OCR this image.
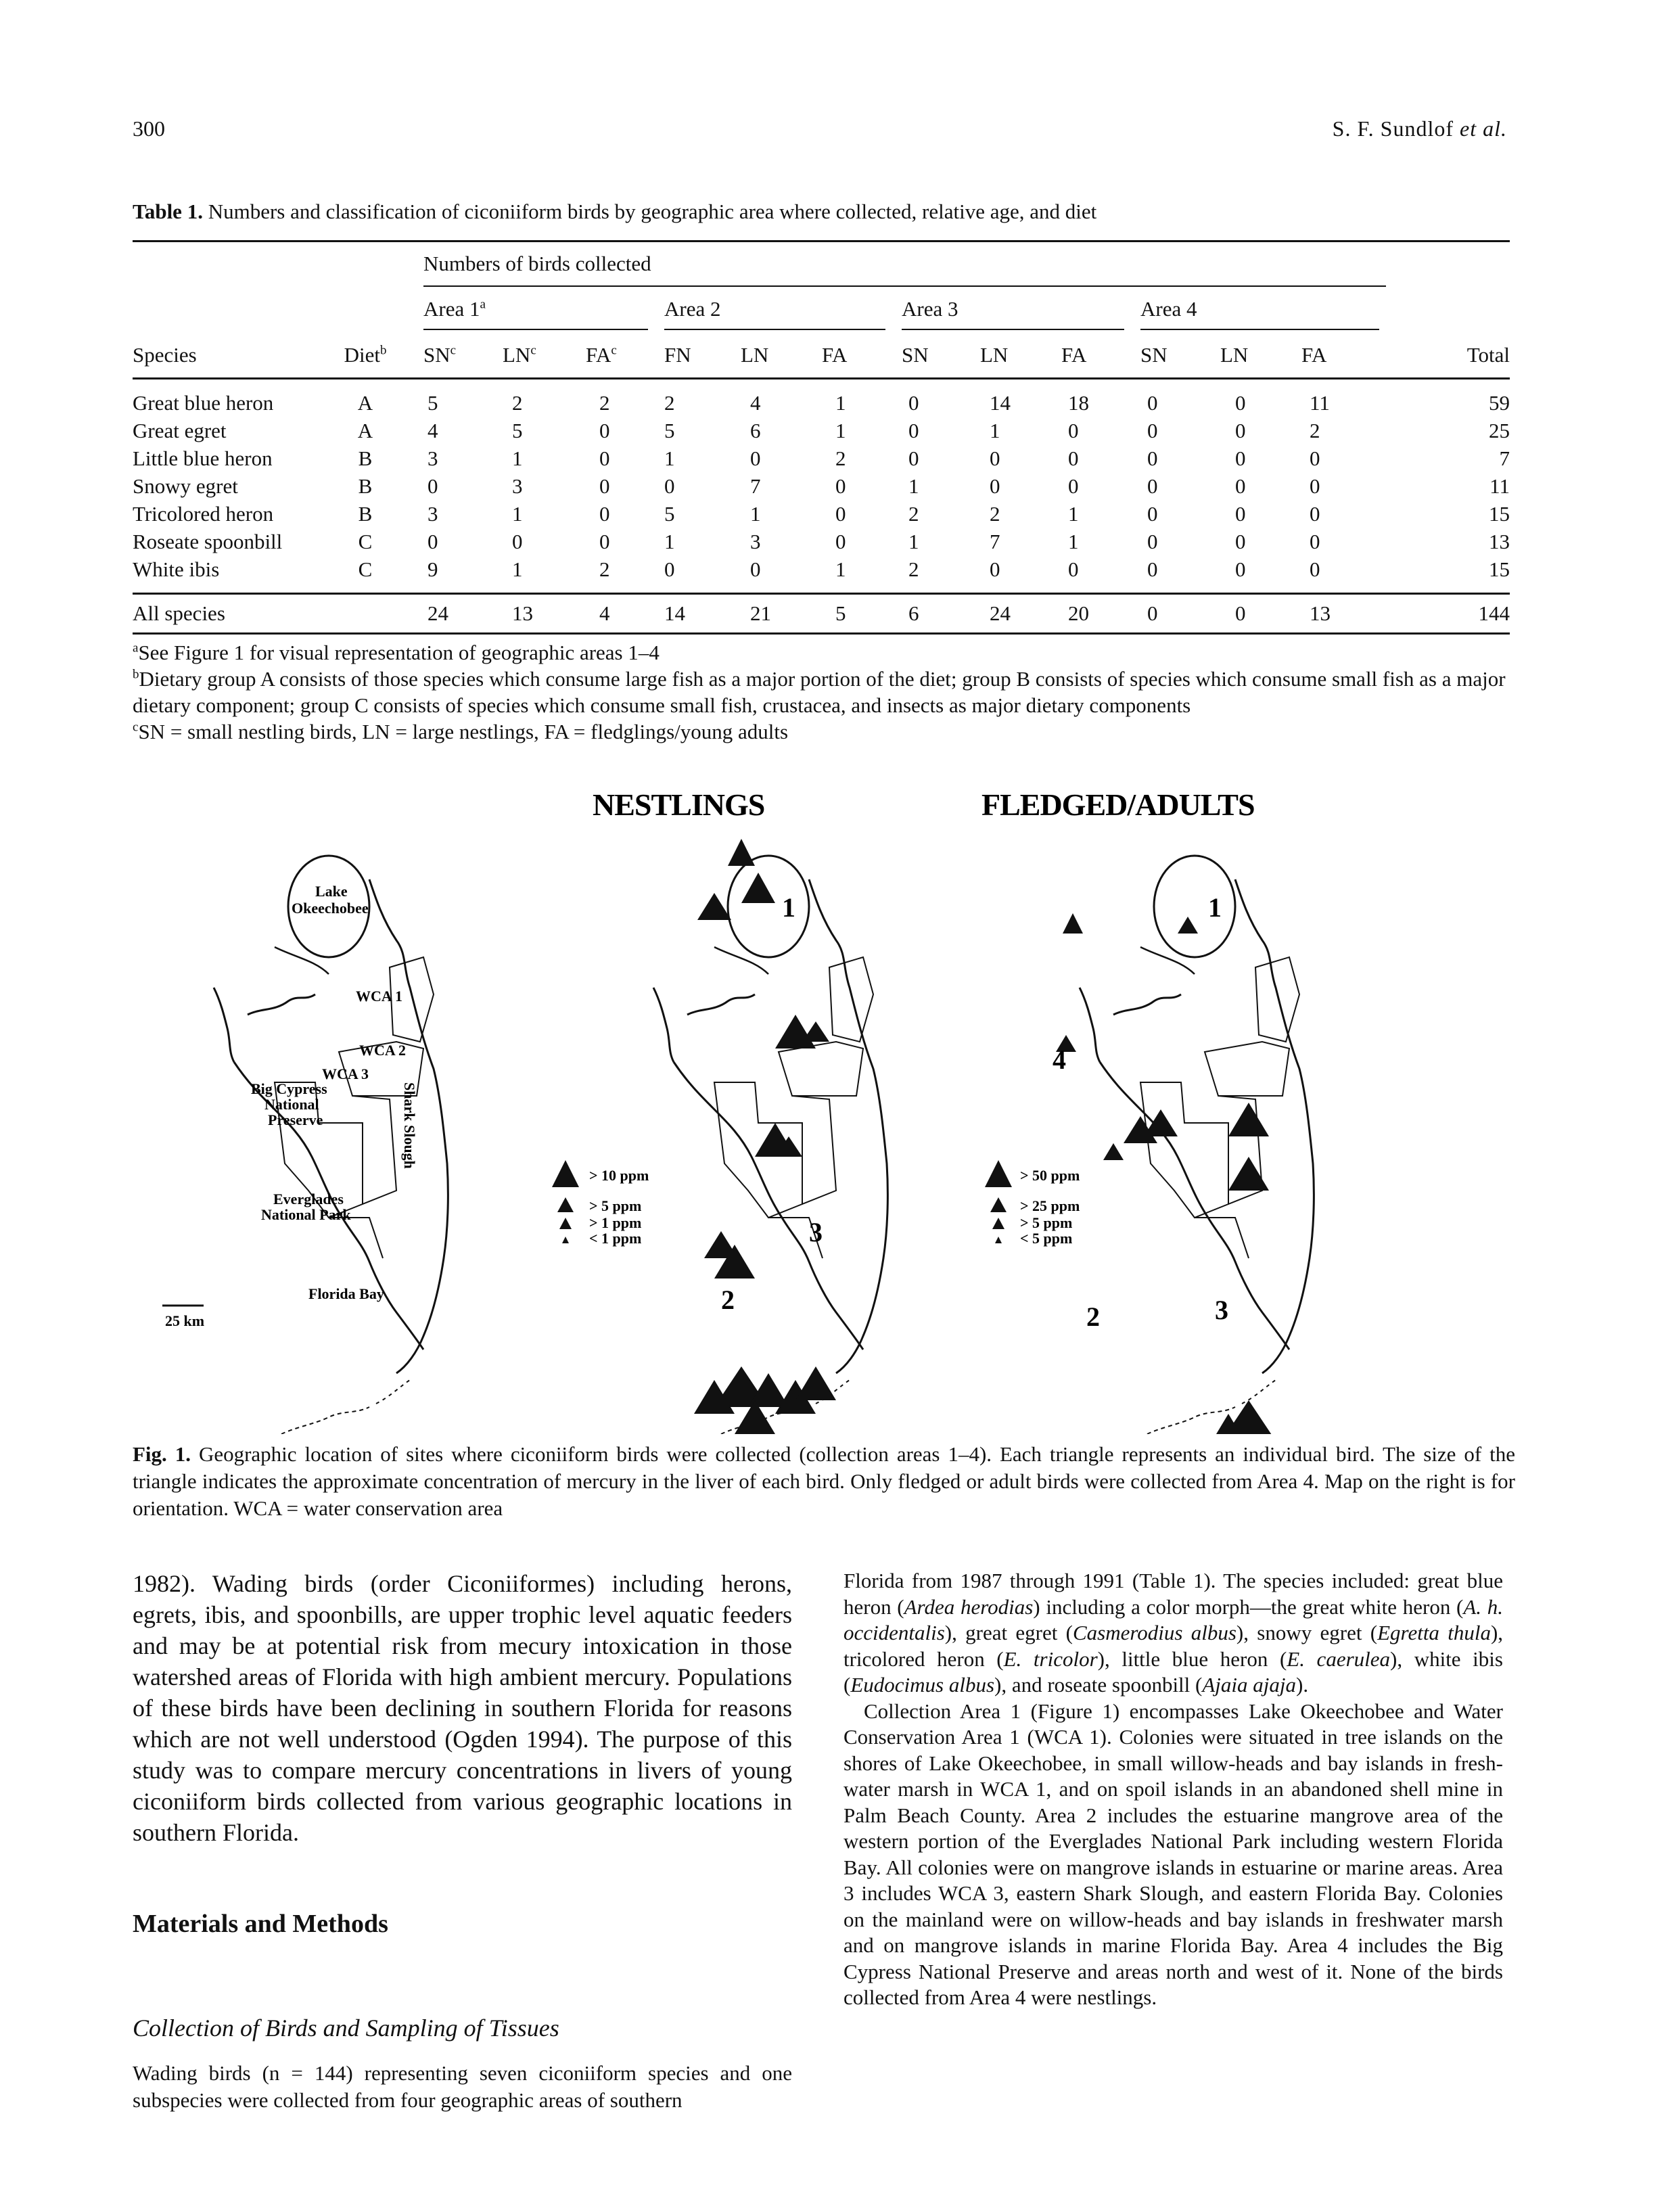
300	S. F. Sundlof et al.
Table 1. Numbers and classification of ciconiiform birds by geographic area where collected, relative age, and diet
		Numbers of birds collected												

		Area 1$^a$			Area 2			Area 3			Area 4			

Species	Diet$^b$	$SN^c$	$LN^c$	$FA^c$	FN	LN	FA	SN	LN	FA	SN	LN	FA	Total
Great blue heron	A	5	2	2	2	4	1	0	14	18	0	0	11	59
Great egret	A	4	5	0	5	6	1	0	1	0	0	0	2	25
Little blue heron	B	3	1	0	1	0	2	0	0	0	0	0	0	7
Snowy egret	B	0	3	0	0	7	0	1	0	0	0	0	0	11
Tricolored heron	B	3	1	0	5	1	0	2	2	1	0	0	0	15
Roseate spoonbill	C	0	0	0	1	3	0	1	7	1	0	0	0	13
White ibis	C	9	1	2	0	0	1	2	0	0	0	0	0	15
All species		24	13	4	14	21	5	6	24	20	0	0	13	144

$^a$See Figure 1 for visual representation of geographic areas 1–4

$^b$Dietary group A consists of those species which consume large fish as a major portion of the diet; group B consists of species which consume small fish as a major dietary component; group C consists of species which consume small fish, crustacea, and insects as major dietary components

$^c$SN = small nestling birds, LN = large nestlings, FA = fledglings/young adults

Lake
Okeechobee
WCA 1
WCA 2
WCA 3
Big Cypress
National
Preserve	Shark Slough
Everglades
National Park
Florida Bay
25 km
NESTLINGS
1
2
3
> 10 ppm
> 5 ppm
> 1 ppm
< 1 ppm
FLEDGED/ADULTS
1
2	3
4
> 50 ppm
> 25 ppm
> 5 ppm
< 5 ppm
Fig. 1. Geographic location of sites where ciconiiform birds were collected (collection areas 1–4). Each triangle represents an individual bird. The size of the triangle indicates the approximate concentration of mercury in the liver of each bird. Only fledged or adult birds were collected from Area 4. Map on the right is for orientation. WCA = water conservation area

1982). Wading birds (order Ciconiiformes) including herons, egrets, ibis, and spoonbills, are upper trophic level aquatic feeders and may be at potential risk from mecury intoxication in those watershed areas of Florida with high ambient mercury. Populations of these birds have been declining in southern Florida for reasons which are not well understood (Ogden 1994). The purpose of this study was to compare mercury concentrations in livers of young ciconiiform birds collected from various geographic locations in southern Florida.

Materials and Methods
Collection of Birds and Sampling of Tissues
Wading birds (n = 144) representing seven ciconiiform species and one subspecies were collected from four geographic areas of southern

Florida from 1987 through 1991 (Table 1). The species included: great blue heron (Ardea herodias) including a color morph—the great white heron (A. h. occidentalis), great egret (Casmerodius albus), snowy egret (Egretta thula), tricolored heron (E. tricolor), little blue heron (E. caerulea), white ibis (Eudocimus albus), and roseate spoonbill (Ajaia ajaja).

Collection Area 1 (Figure 1) encompasses Lake Okeechobee and Water Conservation Area 1 (WCA 1). Colonies were situated in tree islands on the shores of Lake Okeechobee, in small willow-heads and bay islands in fresh-water marsh in WCA 1, and on spoil islands in an abandoned shell mine in Palm Beach County. Area 2 includes the estuarine mangrove area of the western portion of the Everglades National Park including western Florida Bay. All colonies were on mangrove islands in estuarine or marine areas. Area 3 includes WCA 3, eastern Shark Slough, and eastern Florida Bay. Colonies on the mainland were on willow-heads and bay islands in freshwater marsh and on mangrove islands in marine Florida Bay. Area 4 includes the Big Cypress National Preserve and areas north and west of it. None of the birds collected from Area 4 were nestlings.
